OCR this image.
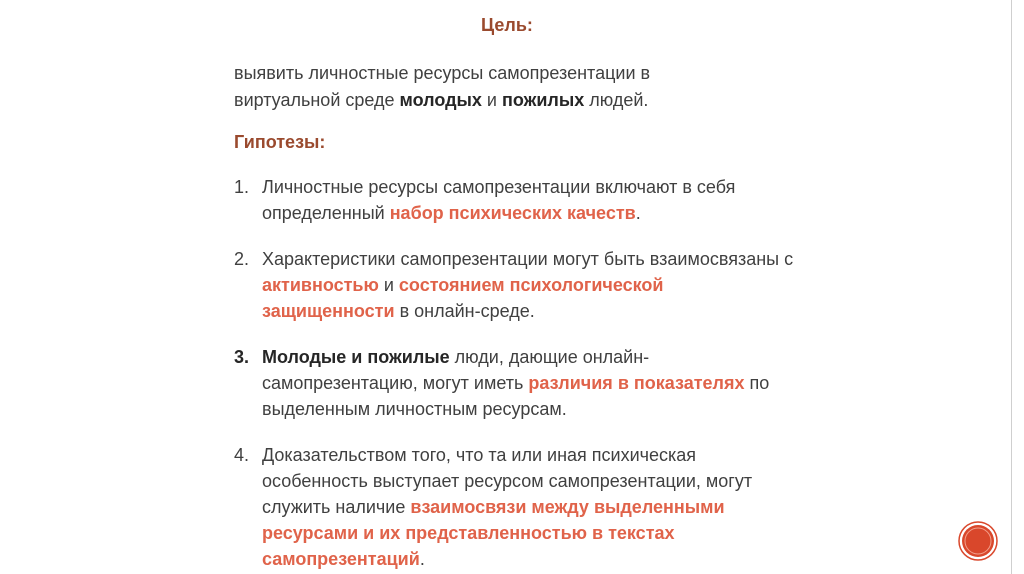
Цель:
выявить личностные ресурсы самопрезентации в виртуальной среде молодых и пожилых людей.
Гипотезы:
1. Личностные ресурсы самопрезентации включают в себя определенный набор психических качеств.
2. Характеристики самопрезентации могут быть взаимосвязаны с активностью и состоянием психологической защищенности в онлайн-среде.
3. Молодые и пожилые люди, дающие онлайн-самопрезентацию, могут иметь различия в показателях по выделенным личностным ресурсам.
4. Доказательством того, что та или иная психическая особенность выступает ресурсом самопрезентации, могут служить наличие взаимосвязи между выделенными ресурсами и их представленностью в текстах самопрезентаций.
